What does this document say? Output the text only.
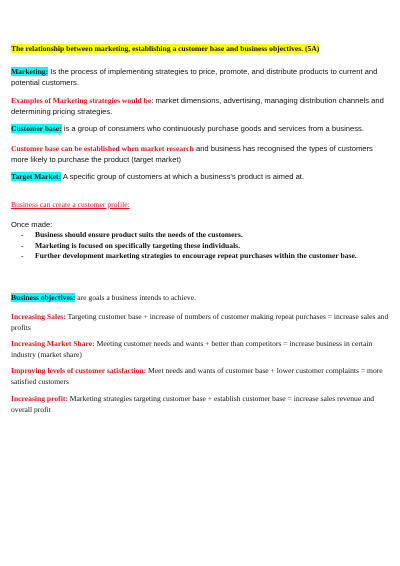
The relationship between marketing, establishing a customer base and business objectives. (5A)
Marketing: Is the process of implementing strategies to price, promote, and distribute products to current and potential customers.
Examples of Marketing strategies would be: market dimensions, advertising, managing distribution channels and determining pricing strategies.
Customer base: is a group of consumers who continuously purchase goods and services from a business.
Customer base can be established when market research and business has recognised the types of customers more likely to purchase the product (target market)
Target Market: A specific group of customers at which a business's product is aimed at.
Business can create a customer profile:
Once made:
- Business should ensure product suits the needs of the customers.
- Marketing is focused on specifically targeting these individuals.
- Further development marketing strategies to encourage repeat purchases within the customer base.
Business objectives: are goals a business intends to achieve.
Increasing Sales: Targeting customer base + increase of numbers of customer making repeat purchases = increase sales and profits
Increasing Market Share: Meeting customer needs and wants + better than competitors = increase business in certain industry (market share)
Improving levels of customer satisfaction: Meet needs and wants of customer base + lower customer complaints = more satisfied customers
Increasing profit: Marketing strategies targeting customer base + establish customer base = increase sales revenue and overall profit
